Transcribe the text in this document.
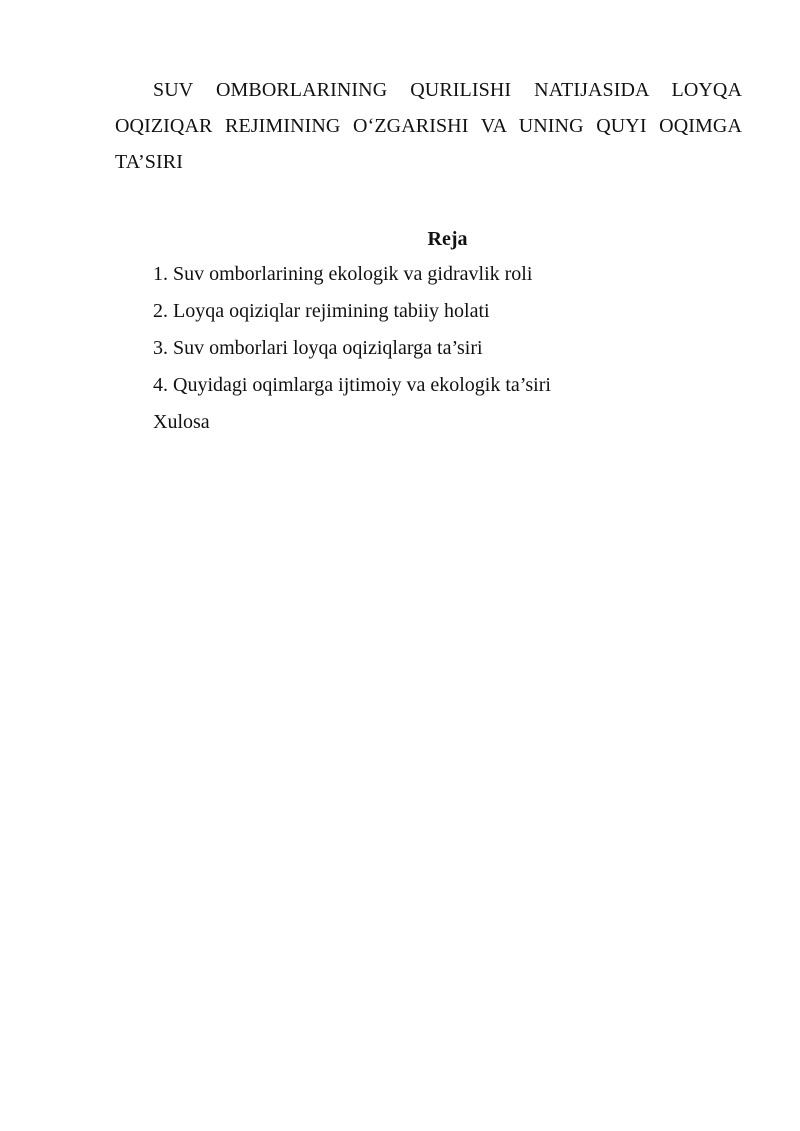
SUV OMBORLARINING QURILISHI NATIJASIDA LOYQA OQIZIQAR REJIMINING O‘ZGARISHI VA UNING QUYI OQIMGA TA’SIRI
Reja
1. Suv omborlarining ekologik va gidravlik roli
2. Loyqa oqiziqlar rejimining tabiiy holati
3. Suv omborlari loyqa oqiziqlarga ta’siri
4. Quyidagi oqimlarga ijtimoiy va ekologik ta’siri
Xulosa
